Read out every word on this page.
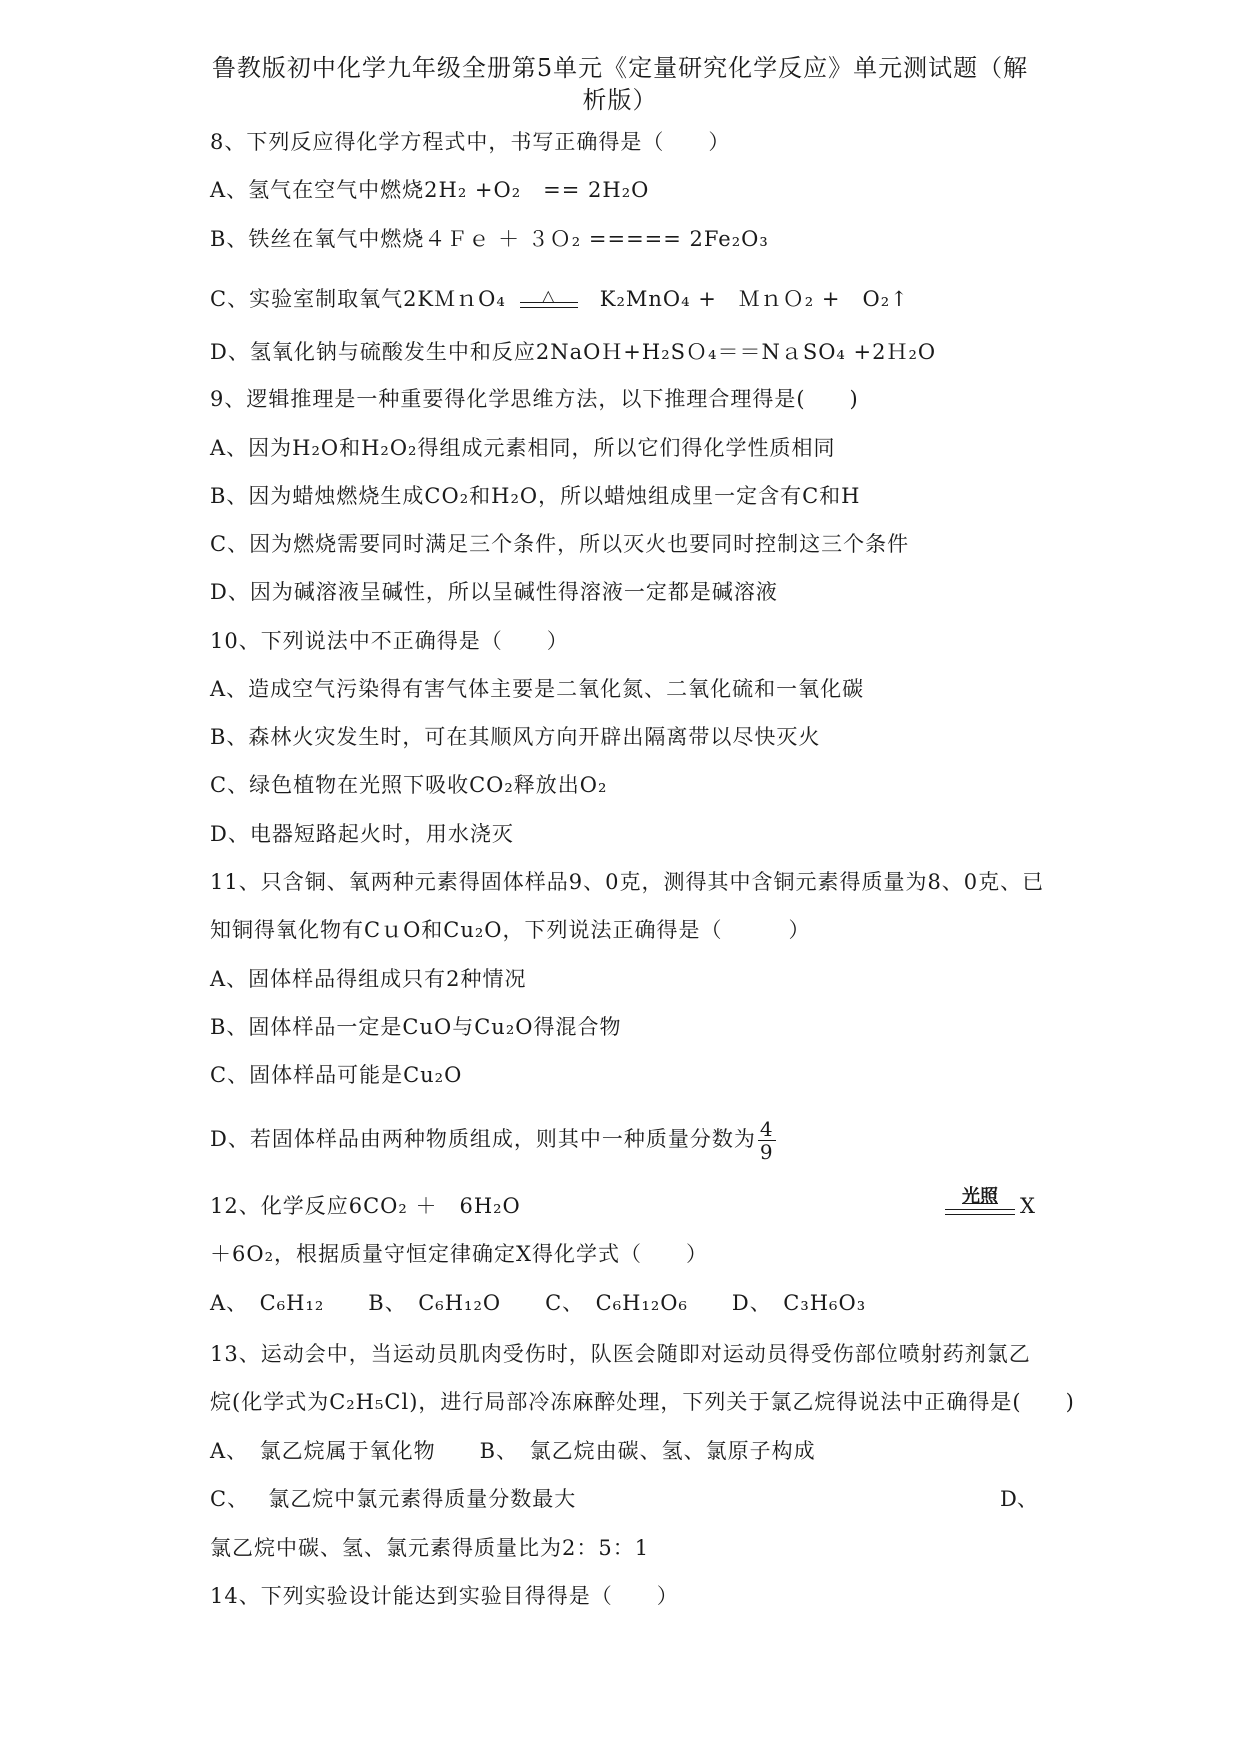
鲁教版初中化学九年级全册第5单元《定量研究化学反应》单元测试题（解析版）
8、下列反应得化学方程式中，书写正确得是（　　）
A、氢气在空气中燃烧2H₂ +O₂　== 2H₂O
B、铁丝在氧气中燃烧４Ｆｅ ＋ ３Ｏ₂ ===== 2Fe₂O₃
C、实验室制取氧气2KＭｎO₄	△	K₂MnO₄ +　ＭｎＯ₂ +　O₂↑
D、氢氧化钠与硫酸发生中和反应2NaOＨ+H₂SＯ₄＝＝NａSO₄ +2Ｈ₂O
9、逻辑推理是一种重要得化学思维方法，以下推理合理得是(　　)
A、因为H₂O和H₂O₂得组成元素相同，所以它们得化学性质相同
B、因为蜡烛燃烧生成CO₂和H₂O，所以蜡烛组成里一定含有C和H
C、因为燃烧需要同时满足三个条件，所以灭火也要同时控制这三个条件
D、因为碱溶液呈碱性，所以呈碱性得溶液一定都是碱溶液
10、下列说法中不正确得是（　　）
A、造成空气污染得有害气体主要是二氧化氮、二氧化硫和一氧化碳
B、森林火灾发生时，可在其顺风方向开辟出隔离带以尽快灭火
C、绿色植物在光照下吸收CO₂释放出O₂
D、电器短路起火时，用水浇灭
11、只含铜、氧两种元素得固体样品9、0克，测得其中含铜元素得质量为8、0克、已
知铜得氧化物有CｕO和Cu₂O，下列说法正确得是（　　　）
A、固体样品得组成只有2种情况
B、固体样品一定是CuO与Cu₂O得混合物
C、固体样品可能是Cu₂O
D、若固体样品由两种物质组成，则其中一种质量分数为 $\frac{4}{9}$
12、化学反应6CO₂ ＋　6H₂O	光照	X
＋6O₂，根据质量守恒定律确定X得化学式（　　）
A、　C₆H₁₂　　B、　C₆H₁₂O　　C、　C₆H₁₂O₆　　D、　C₃H₆O₃
13、运动会中，当运动员肌肉受伤时，队医会随即对运动员得受伤部位喷射药剂氯乙
烷(化学式为C₂H₅Cl)，进行局部冷冻麻醉处理，下列关于氯乙烷得说法中正确得是(　　)
A、　氯乙烷属于氧化物　　B、　氯乙烷由碳、氢、氯原子构成
C、　 氯乙烷中氯元素得质量分数最大	D、
氯乙烷中碳、氢、氯元素得质量比为2：5：1
14、下列实验设计能达到实验目得得是（　　）
